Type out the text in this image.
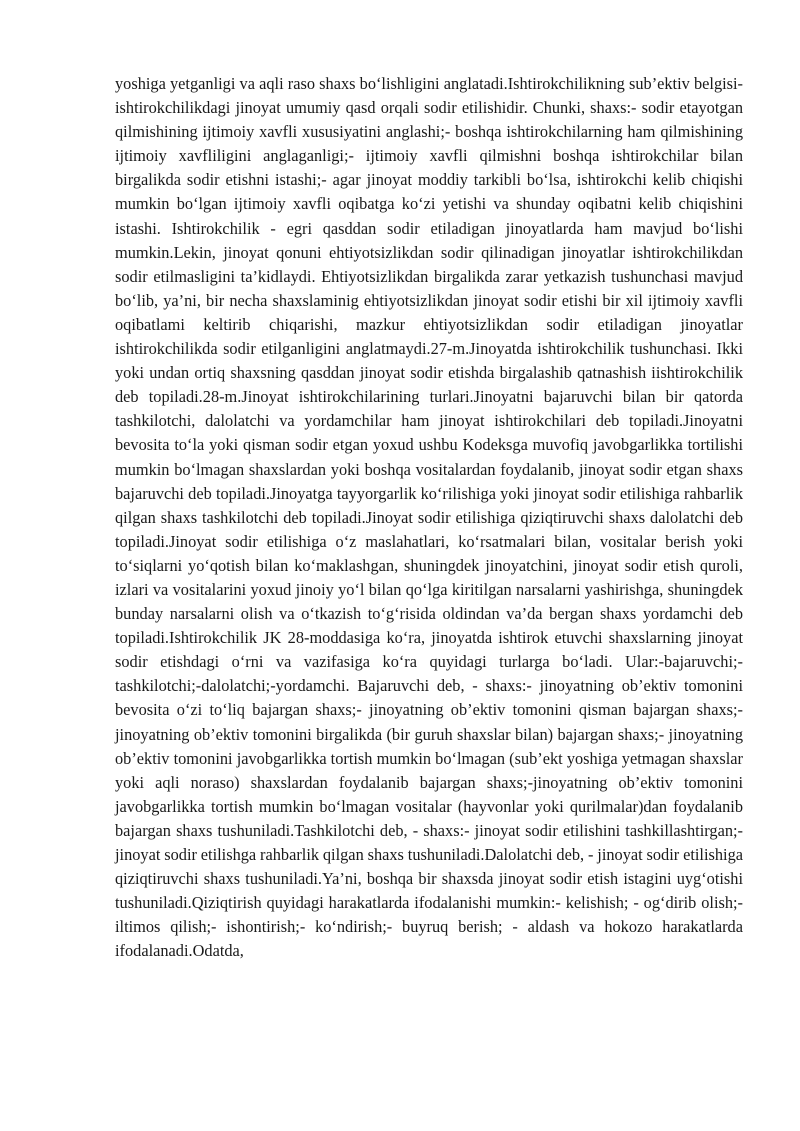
yoshiga yetganligi va aqli raso shaxs bo‘lishligini anglatadi.Ishtirokchilikning sub’ektiv belgisi-ishtirokchilikdagi jinoyat umumiy qasd orqali sodir etilishidir. Chunki, shaxs:- sodir etayotgan qilmishining ijtimoiy xavfli xususiyatini anglashi;- boshqa ishtirokchilarning ham qilmishining ijtimoiy xavfliligini anglaganligi;- ijtimoiy xavfli qilmishni boshqa ishtirokchilar bilan birgalikda sodir etishni istashi;- agar jinoyat moddiy tarkibli bo‘lsa, ishtirokchi kelib chiqishi mumkin bo‘lgan ijtimoiy xavfli oqibatga ko‘zi yetishi va shunday oqibatni kelib chiqishini istashi. Ishtirokchilik - egri qasddan sodir etiladigan jinoyatlarda ham mavjud bo‘lishi mumkin.Lekin, jinoyat qonuni ehtiyotsizlikdan sodir qilinadigan jinoyatlar ishtirokchilikdan sodir etilmasligini ta’kidlaydi. Ehtiyotsizlikdan birgalikda zarar yetkazish tushunchasi mavjud bo‘lib, ya’ni, bir necha shaxslaminig ehtiyotsizlikdan jinoyat sodir etishi bir xil ijtimoiy xavfli oqibatlami keltirib chiqarishi, mazkur ehtiyotsizlikdan sodir etiladigan jinoyatlar ishtirokchilikda sodir etilganligini anglatmaydi.27-m.Jinoyatda ishtirokchilik tushunchasi. Ikki yoki undan ortiq shaxsning qasddan jinoyat sodir etishda birgalashib qatnashish iishtirokchilik deb topiladi.28-m.Jinoyat ishtirokchilarining turlari.Jinoyatni bajaruvchi bilan bir qatorda tashkilotchi, dalolatchi va yordamchilar ham jinoyat ishtirokchilari deb topiladi.Jinoyatni bevosita to‘la yoki qisman sodir etgan yoxud ushbu Kodeksga muvofiq javobgarlikka tortilishi mumkin bo‘lmagan shaxslardan yoki boshqa vositalardan foydalanib, jinoyat sodir etgan shaxs bajaruvchi deb topiladi.Jinoyatga tayyorgarlik ko‘rilishiga yoki jinoyat sodir etilishiga rahbarlik qilgan shaxs tashkilotchi deb topiladi.Jinoyat sodir etilishiga qiziqtiruvchi shaxs dalolatchi deb topiladi.Jinoyat sodir etilishiga o‘z maslahatlari, ko‘rsatmalari bilan, vositalar berish yoki to‘siqlarni yo‘qotish bilan ko‘maklashgan, shuningdek jinoyatchini, jinoyat sodir etish quroli, izlari va vositalarini yoxud jinoiy yo‘l bilan qo‘lga kiritilgan narsalarni yashirishga, shuningdek bunday narsalarni olish va o‘tkazish to‘g‘risida oldindan va’da bergan shaxs yordamchi deb topiladi.Ishtirokchilik JK 28-moddasiga ko‘ra, jinoyatda ishtirok etuvchi shaxslarning jinoyat sodir etishdagi o‘rni va vazifasiga ko‘ra quyidagi turlarga bo‘ladi. Ular:-bajaruvchi;-tashkilotchi;-dalolatchi;-yordamchi. Bajaruvchi deb, - shaxs:- jinoyatning ob’ektiv tomonini bevosita o‘zi to‘liq bajargan shaxs;- jinoyatning ob’ektiv tomonini qisman bajargan shaxs;- jinoyatning ob’ektiv tomonini birgalikda (bir guruh shaxslar bilan) bajargan shaxs;- jinoyatning ob’ektiv tomonini javobgarlikka tortish mumkin bo‘lmagan (sub’ekt yoshiga yetmagan shaxslar yoki aqli noraso) shaxslardan foydalanib bajargan shaxs;-jinoyatning ob’ektiv tomonini javobgarlikka tortish mumkin bo‘lmagan vositalar (hayvonlar yoki qurilmalar)dan foydalanib bajargan shaxs tushuniladi.Tashkilotchi deb, - shaxs:- jinoyat sodir etilishini tashkillashtirgan;- jinoyat sodir etilishga rahbarlik qilgan shaxs tushuniladi.Dalolatchi deb, - jinoyat sodir etilishiga qiziqtiruvchi shaxs tushuniladi.Ya’ni, boshqa bir shaxsda jinoyat sodir etish istagini uyg‘otishi tushuniladi.Qiziqtirish quyidagi harakatlarda ifodalanishi mumkin:- kelishish; - og‘dirib olish;- iltimos qilish;- ishontirish;- ko‘ndirish;- buyruq berish; - aldash va hokozo harakatlarda ifodalanadi.Odatda,
